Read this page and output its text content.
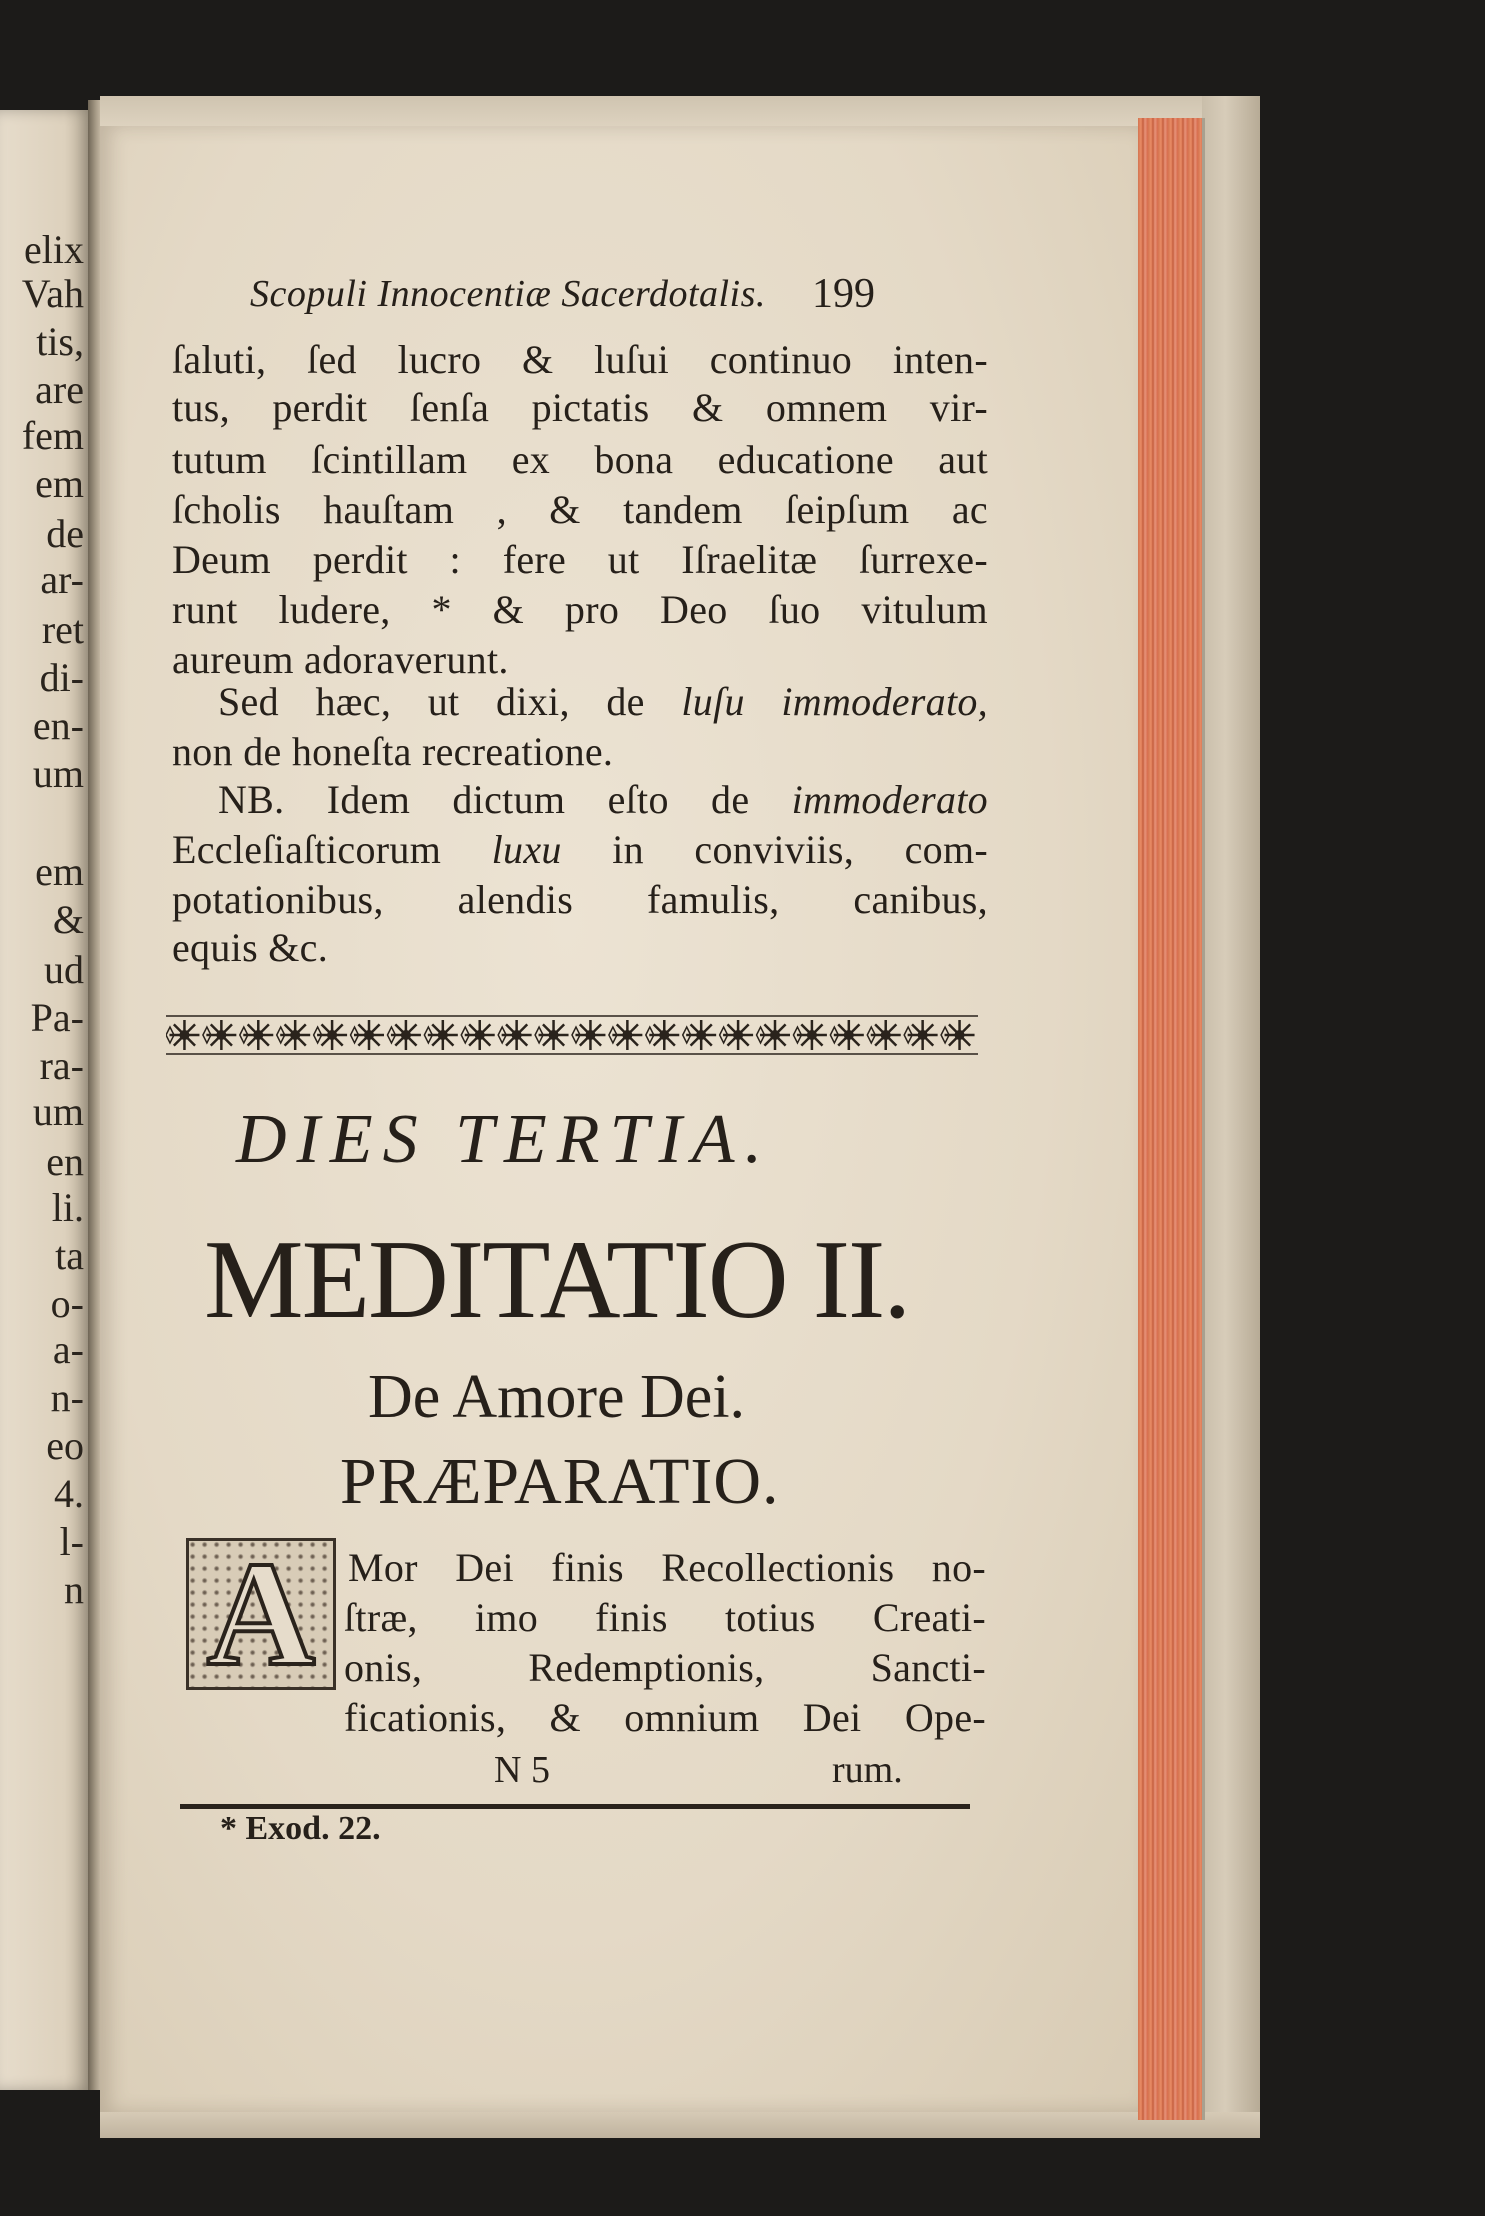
elix
Vah
tis,
are
fem
em
de
ar-
ret
di-
en-
um
em
&
ud
Pa-
ra-
um
en
li.
ta
o-
a-
n-
eo
4.
l-
n
Scopuli Innocentiæ Sacerdotalis. 199
ſaluti, ſed lucro & luſui continuo inten-
tus, perdit ſenſa pictatis & omnem vir-
tutum ſcintillam ex bona educatione aut
ſcholis hauſtam , & tandem ſeipſum ac
Deum perdit : fere ut Iſraelitæ ſurrexe-
runt ludere, * & pro Deo ſuo vitulum
aureum adoraverunt.
Sed hæc, ut dixi, de luſu immoderato,
non de honeſta recreatione.
NB. Idem dictum eſto de immoderato
Eccleſiaſticorum luxu in conviviis, com-
potationibus, alendis famulis, canibus,
equis &c.
DIES TERTIA.
MEDITATIO II.
De Amore Dei.
PRÆPARATIO.
A Mor Dei finis Recollectionis no-
ſtræ, imo finis totius Creati-
onis, Redemptionis, Sancti-
ficationis, & omnium Dei Ope-
N 5	rum.
* Exod. 22.
